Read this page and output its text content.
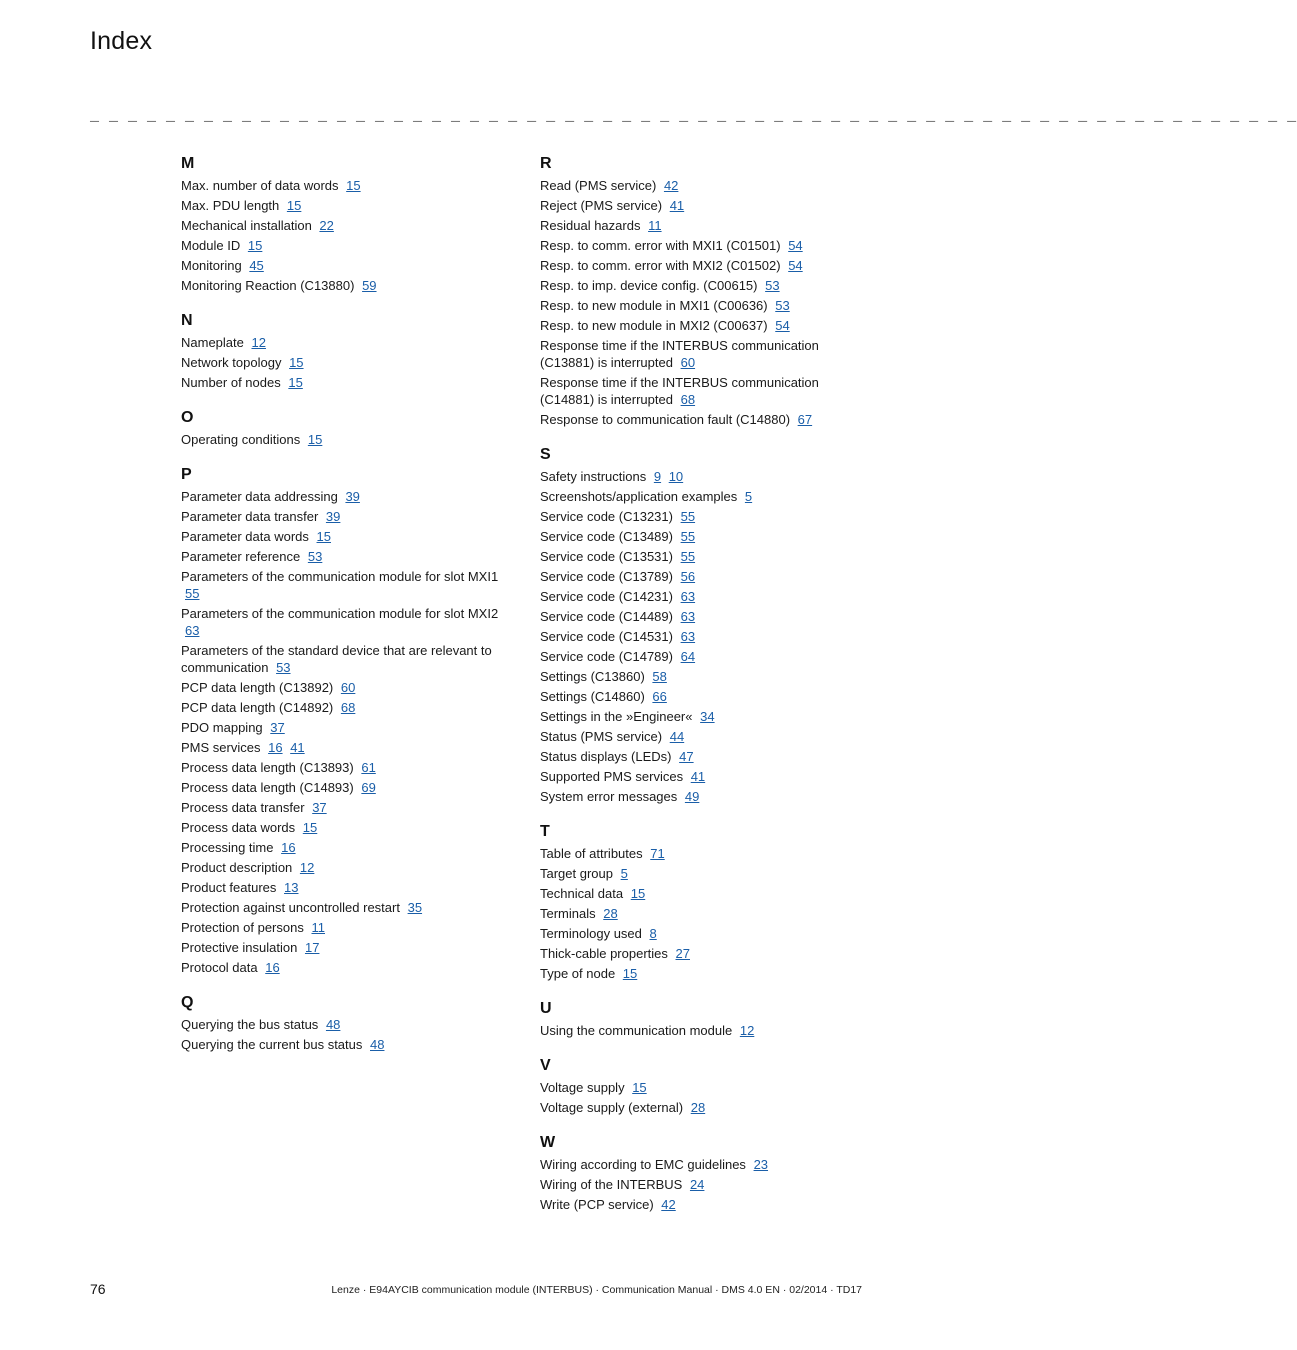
Index
_ _ _ _ _ _ _ _ _ _ _ _ _ _ _ _ _ _ _ _ _ _ _ _ _ _ _ _ _ _ _ _ _ _ _ _ _ _ _ _ _ _ _ _ _ _ _ _ _ _ _ _ _ _ _ _ _ _ _ _ _ _ _ _
M
Max. number of data words 15
Max. PDU length 15
Mechanical installation 22
Module ID 15
Monitoring 45
Monitoring Reaction (C13880) 59
N
Nameplate 12
Network topology 15
Number of nodes 15
O
Operating conditions 15
P
Parameter data addressing 39
Parameter data transfer 39
Parameter data words 15
Parameter reference 53
Parameters of the communication module for slot MXI1 55
Parameters of the communication module for slot MXI2 63
Parameters of the standard device that are relevant to communication 53
PCP data length (C13892) 60
PCP data length (C14892) 68
PDO mapping 37
PMS services 16 41
Process data length (C13893) 61
Process data length (C14893) 69
Process data transfer 37
Process data words 15
Processing time 16
Product description 12
Product features 13
Protection against uncontrolled restart 35
Protection of persons 11
Protective insulation 17
Protocol data 16
Q
Querying the bus status 48
Querying the current bus status 48
R
Read (PMS service) 42
Reject (PMS service) 41
Residual hazards 11
Resp. to comm. error with MXI1 (C01501) 54
Resp. to comm. error with MXI2 (C01502) 54
Resp. to imp. device config. (C00615) 53
Resp. to new module in MXI1 (C00636) 53
Resp. to new module in MXI2 (C00637) 54
Response time if the INTERBUS communication (C13881) is interrupted 60
Response time if the INTERBUS communication (C14881) is interrupted 68
Response to communication fault (C14880) 67
S
Safety instructions 9 10
Screenshots/application examples 5
Service code (C13231) 55
Service code (C13489) 55
Service code (C13531) 55
Service code (C13789) 56
Service code (C14231) 63
Service code (C14489) 63
Service code (C14531) 63
Service code (C14789) 64
Settings (C13860) 58
Settings (C14860) 66
Settings in the »Engineer« 34
Status (PMS service) 44
Status displays (LEDs) 47
Supported PMS services 41
System error messages 49
T
Table of attributes 71
Target group 5
Technical data 15
Terminals 28
Terminology used 8
Thick-cable properties 27
Type of node 15
U
Using the communication module 12
V
Voltage supply 15
Voltage supply (external) 28
W
Wiring according to EMC guidelines 23
Wiring of the INTERBUS 24
Write (PCP service) 42
76	Lenze · E94AYCIB communication module (INTERBUS) · Communication Manual · DMS 4.0 EN · 02/2014 · TD17
